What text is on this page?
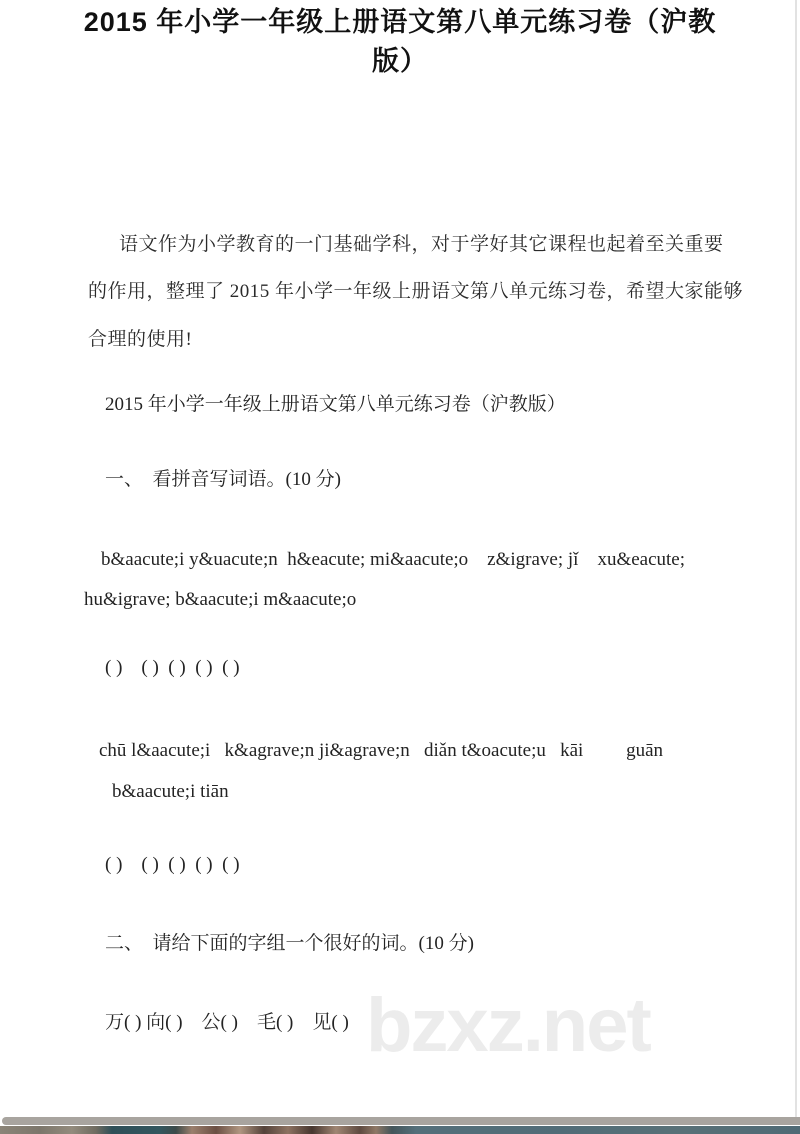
bzxz.net
2015 年小学一年级上册语文第八单元练习卷（沪教
版）
语文作为小学教育的一门基础学科，对于学好其它课程也起着至关重要
的作用，整理了 2015 年小学一年级上册语文第八单元练习卷，希望大家能够
合理的使用!
2015 年小学一年级上册语文第八单元练习卷（沪教版）
一、  看拼音写词语。(10 分)
b&aacute;i y&uacute;n  h&eacute; mi&aacute;o    z&igrave; jǐ    xu&eacute;
hu&igrave; b&aacute;i m&aacute;o
( )    ( )  ( )  ( )  ( )
chū l&aacute;i   k&agrave;n ji&agrave;n   diǎn t&oacute;u   kāi         guān
b&aacute;i tiān
( )    ( )  ( )  ( )  ( )
二、  请给下面的字组一个很好的词。(10 分)
万( ) 向( )    公( )    毛( )    见( )
